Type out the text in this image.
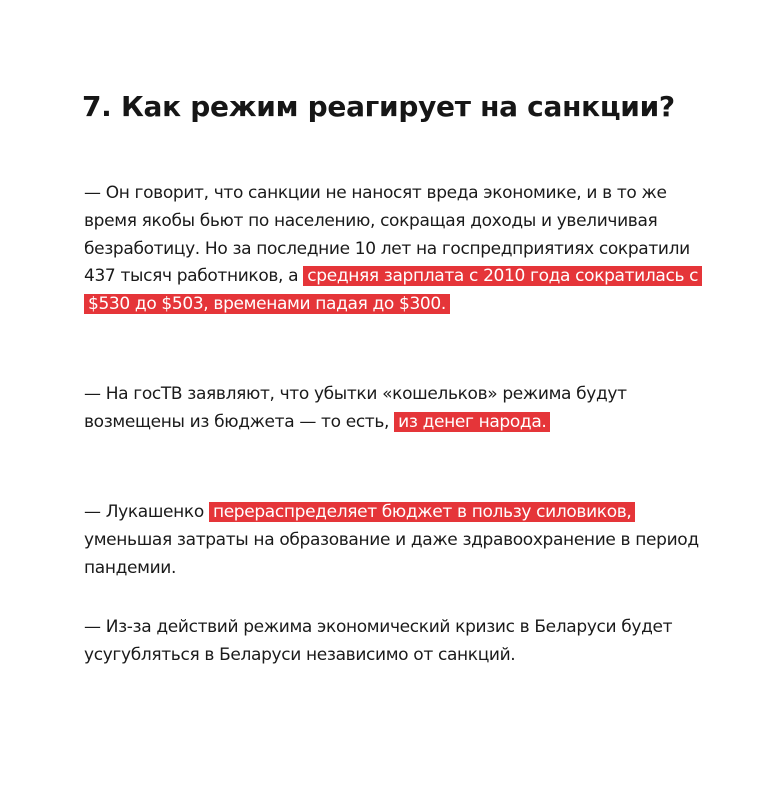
7. Как режим реагирует на санкции?

— Он говорит, что санкции не наносят вреда экономике, и в то же время якобы бьют по населению, сокращая доходы и увеличивая безработицу. Но за последние 10 лет на госпредприятиях сократили 437 тысяч работников, а средняя зарплата с 2010 года сократилась с $530 до $503, временами падая до $300.

— На госТВ заявляют, что убытки «кошельков» режима будут возмещены из бюджета — то есть, из денег народа.

— Лукашенко перераспределяет бюджет в пользу силовиков, уменьшая затраты на образование и даже здравоохранение в период пандемии.

— Из-за действий режима экономический кризис в Беларуси будет усугубляться в Беларуси независимо от санкций.
